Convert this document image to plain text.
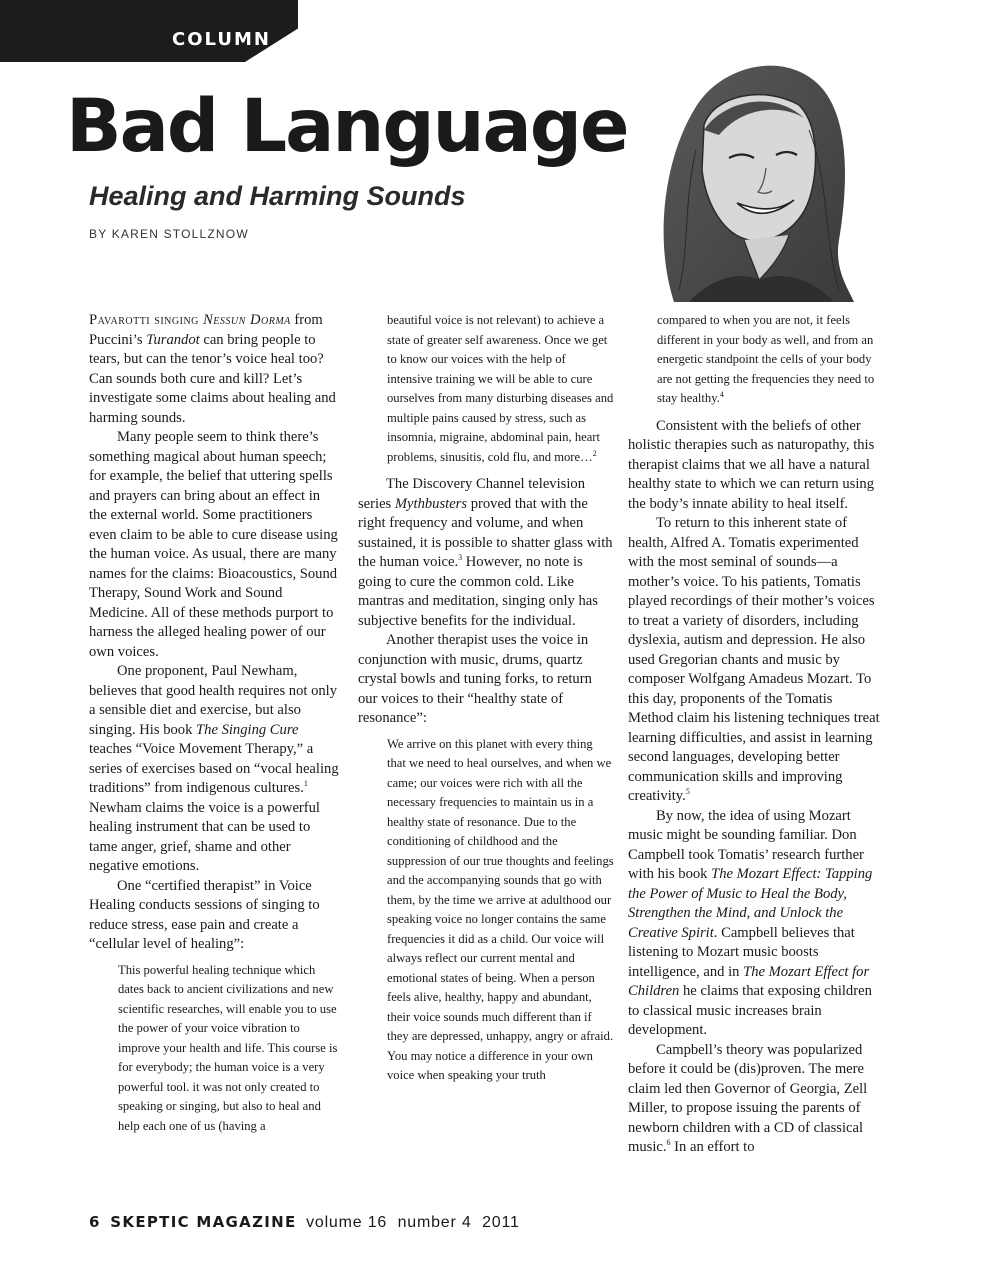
COLUMN
Bad Language
Healing and Harming Sounds

BY KAREN STOLLZNOW

Pavarotti singing Nessun Dorma from Puccini’s Turandot can bring people to tears, but can the tenor’s voice heal too? Can sounds both cure and kill? Let’s investigate some claims about healing and harming sounds.

Many people seem to think there’s something magical about human speech; for example, the belief that uttering spells and prayers can bring about an effect in the external world. Some practitioners even claim to be able to cure disease using the human voice. As usual, there are many names for the claims: Bioacoustics, Sound Therapy, Sound Work and Sound Medicine. All of these methods purport to harness the alleged healing power of our own voices.

One proponent, Paul Newham, believes that good health requires not only a sensible diet and exercise, but also singing. His book The Singing Cure teaches “Voice Movement Therapy,” a series of exercises based on “vocal healing traditions” from indigenous cultures.$^1$ Newham claims the voice is a powerful healing instrument that can be used to tame anger, grief, shame and other negative emotions.

One “certified therapist” in Voice Healing conducts sessions of singing to reduce stress, ease pain and create a “cellular level of healing”:

This powerful healing technique which dates back to ancient civilizations and new scientific researches, will enable you to use the power of your voice vibration to improve your health and life. This course is for everybody; the human voice is a very powerful tool. it was not only created to speaking or singing, but also to heal and help each one of us (having a
beautiful voice is not relevant) to achieve a state of greater self awareness. Once we get to know our voices with the help of intensive training we will be able to cure ourselves from many disturbing diseases and multiple pains caused by stress, such as insomnia, migraine, abdominal pain, heart problems, sinusitis, cold flu, and more…$^2$

The Discovery Channel television series Mythbusters proved that with the right frequency and volume, and when sustained, it is possible to shatter glass with the human voice.$^3$ However, no note is going to cure the common cold. Like mantras and meditation, singing only has subjective benefits for the individual.

Another therapist uses the voice in conjunction with music, drums, quartz crystal bowls and tuning forks, to return our voices to their “healthy state of resonance”:

We arrive on this planet with every thing that we need to heal ourselves, and when we came; our voices were rich with all the necessary frequencies to maintain us in a healthy state of resonance. Due to the conditioning of childhood and the suppression of our true thoughts and feelings and the accompanying sounds that go with them, by the time we arrive at adulthood our speaking voice no longer contains the same frequencies it did as a child. Our voice will always reflect our current mental and emotional states of being. When a person feels alive, healthy, happy and abundant, their voice sounds much different than if they are depressed, unhappy, angry or afraid. You may notice a difference in your own voice when speaking your truth
compared to when you are not, it feels different in your body as well, and from an energetic standpoint the cells of your body are not getting the frequencies they need to stay healthy.$^4$

Consistent with the beliefs of other holistic therapies such as naturopathy, this therapist claims that we all have a natural healthy state to which we can return using the body’s innate ability to heal itself.

To return to this inherent state of health, Alfred A. Tomatis experimented with the most seminal of sounds—a mother’s voice. To his patients, Tomatis played recordings of their mother’s voices to treat a variety of disorders, including dyslexia, autism and depression. He also used Gregorian chants and music by composer Wolfgang Amadeus Mozart. To this day, proponents of the Tomatis Method claim his listening techniques treat learning difficulties, and assist in learning second languages, developing better communication skills and improving creativity.$^5$

By now, the idea of using Mozart music might be sounding familiar. Don Campbell took Tomatis’ research further with his book The Mozart Effect: Tapping the Power of Music to Heal the Body, Strengthen the Mind, and Unlock the Creative Spirit. Campbell believes that listening to Mozart music boosts intelligence, and in The Mozart Effect for Children he claims that exposing children to classical music increases brain development.

Campbell’s theory was popularized before it could be (dis)proven. The mere claim led then Governor of Georgia, Zell Miller, to propose issuing the parents of newborn children with a CD of classical music.$^6$ In an effort to

6 SKEPTIC MAGAZINE volume 16  number 4  2011
